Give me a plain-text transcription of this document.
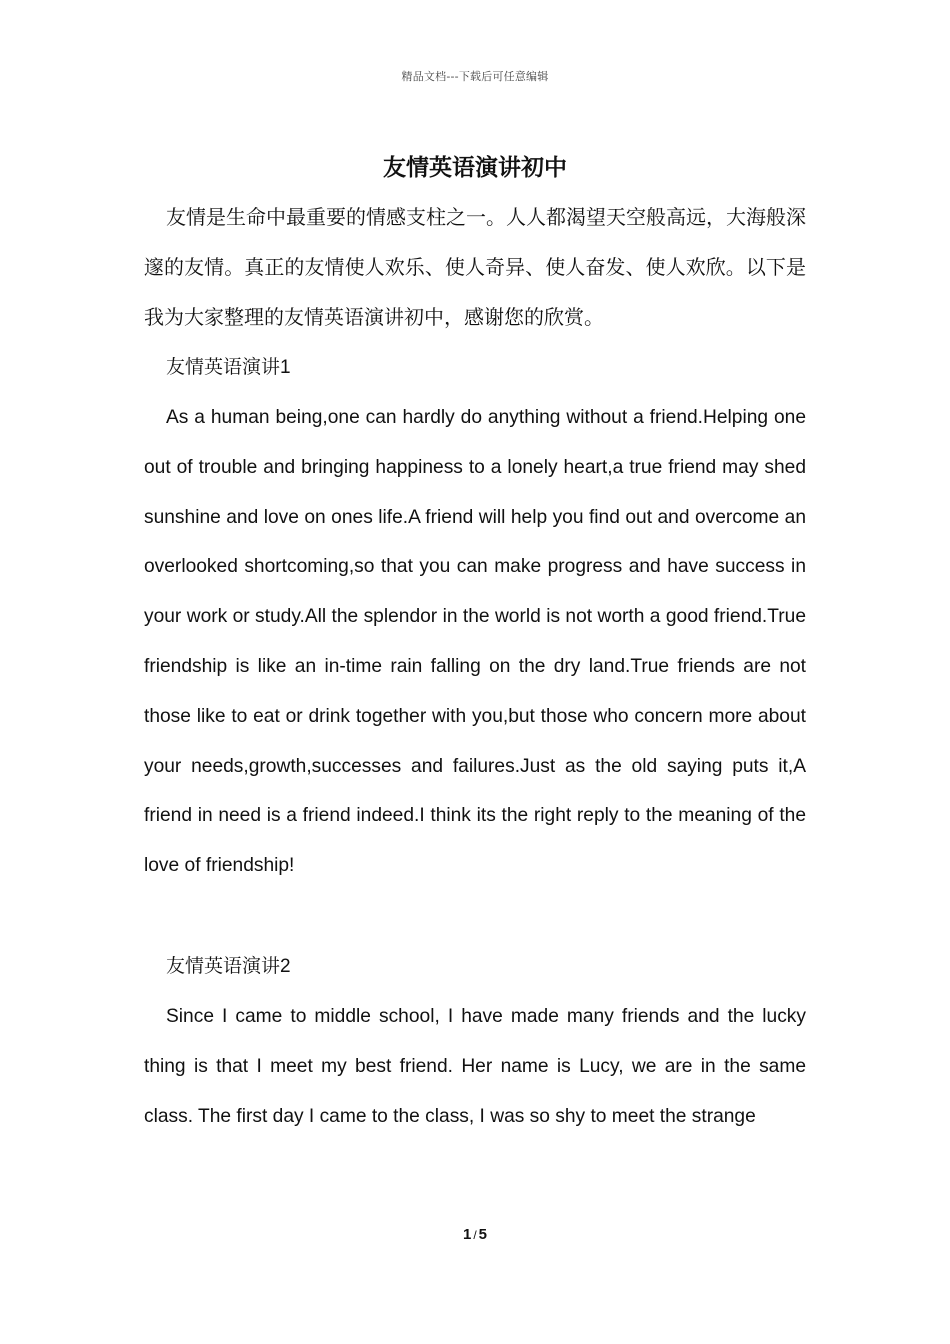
精品文档---下载后可任意编辑
友情英语演讲初中

友情是生命中最重要的情感支柱之一。人人都渴望天空般高远，大海般深邃的友情。真正的友情使人欢乐、使人奇异、使人奋发、使人欢欣。以下是我为大家整理的友情英语演讲初中，感谢您的欣赏。

友情英语演讲1

As a human being,one can hardly do anything without a friend.Helping one out of trouble and bringing happiness to a lonely heart,a true friend may shed sunshine and love on ones life.A friend will help you find out and overcome an overlooked shortcoming,so that you can make progress and have success in your work or study.All the splendor in the world is not worth a good friend.True friendship is like an in-time rain falling on the dry land.True friends are not those like to eat or drink together with you,but those who concern more about your needs,growth,successes and failures.Just as the old saying puts it,A friend in need is a friend indeed.I think its the right reply to the meaning of the love of friendship!

友情英语演讲2

Since I came to middle school, I have made many friends and the lucky thing is that I meet my best friend. Her name is Lucy, we are in the same class. The first day I came to the class, I was so shy to meet the strange

1 / 5
